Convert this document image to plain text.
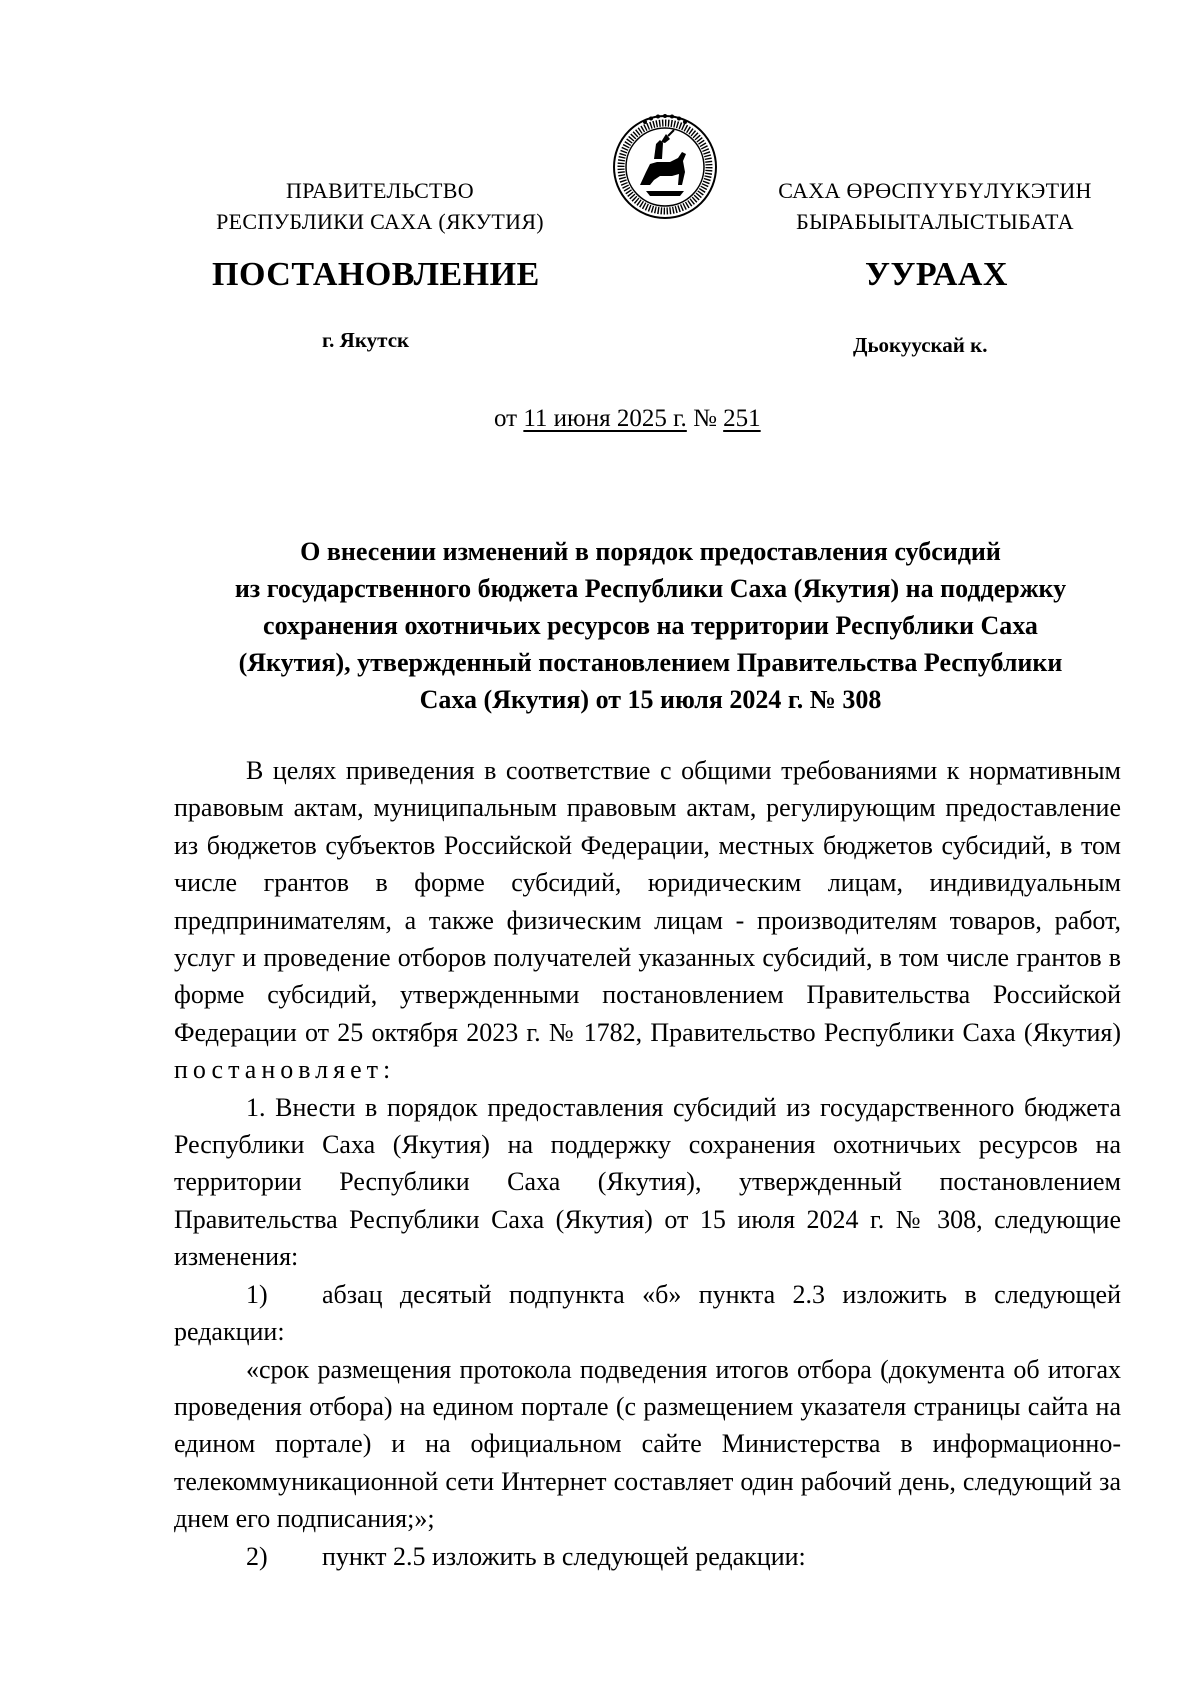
ПРАВИТЕЛЬСТВО
РЕСПУБЛИКИ САХА (ЯКУТИЯ)
САХА ӨРӨСПҮҮБҮЛҮКЭТИН
БЫРАБЫЫТАЛЫСТЫБАТА
ПОСТАНОВЛЕНИЕ	УУРААХ
г. Якутск	Дьокуускай к.
от 11 июня 2025 г. № 251
О внесении изменений в порядок предоставления субсидий
из государственного бюджета Республики Саха (Якутия) на поддержку
сохранения охотничьих ресурсов на территории Республики Саха
(Якутия), утвержденный постановлением Правительства Республики
Саха (Якутия) от 15 июля 2024 г. № 308

В целях приведения в соответствие с общими требованиями к нормативным правовым актам, муниципальным правовым актам, регулирующим предоставление из бюджетов субъектов Российской Федерации, местных бюджетов субсидий, в том числе грантов в форме субсидий, юридическим лицам, индивидуальным предпринимателям, а также физическим лицам - производителям товаров, работ, услуг и проведение отборов получателей указанных субсидий, в том числе грантов в форме субсидий, утвержденными постановлением Правительства Российской Федерации от 25 октября 2023 г. № 1782, Правительство Республики Саха (Якутия) постановляет:

1. Внести в порядок предоставления субсидий из государственного бюджета Республики Саха (Якутия) на поддержку сохранения охотничьих ресурсов на территории Республики Саха (Якутия), утвержденный постановлением Правительства Республики Саха (Якутия) от 15 июля 2024 г. № 308, следующие изменения:

1) абзац десятый подпункта «б» пункта 2.3 изложить в следующей редакции:

«срок размещения протокола подведения итогов отбора (документа об итогах проведения отбора) на едином портале (с размещением указателя страницы сайта на едином портале) и на официальном сайте Министерства в информационно-телекоммуникационной сети Интернет составляет один рабочий день, следующий за днем его подписания;»;

2) пункт 2.5 изложить в следующей редакции:
